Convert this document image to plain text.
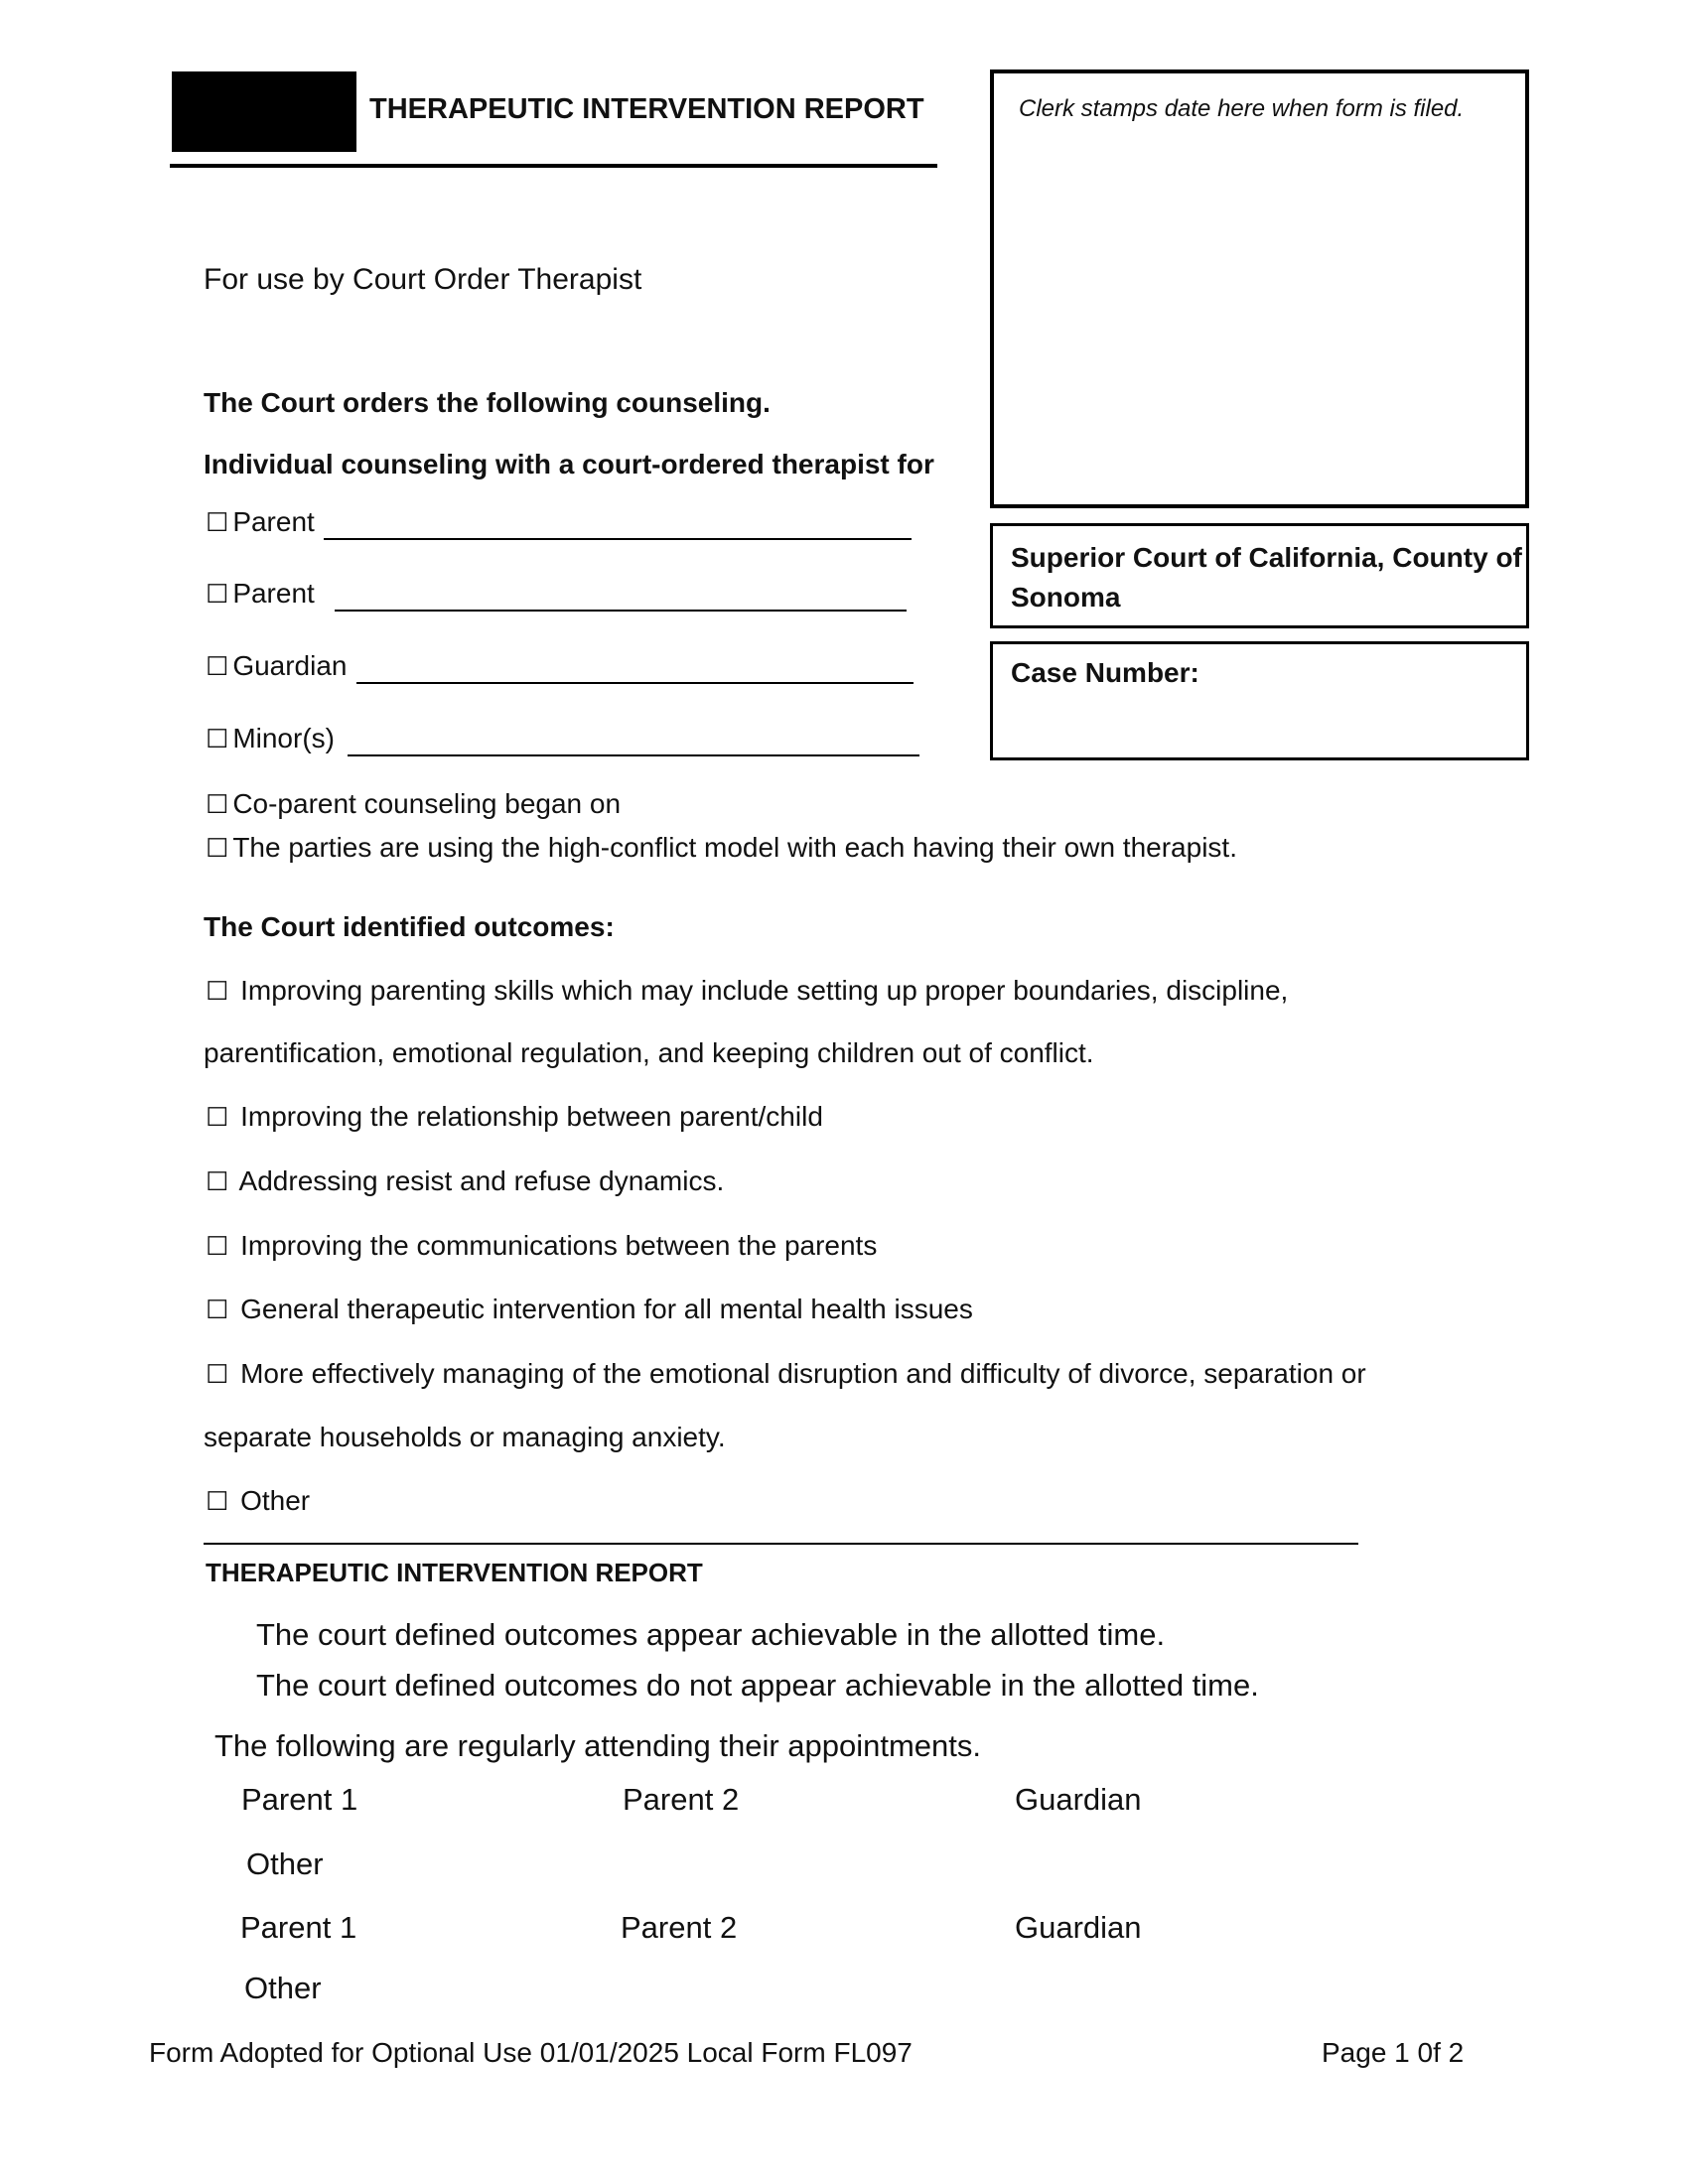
THERAPEUTIC INTERVENTION REPORT
For use by Court Order Therapist
Clerk stamps date here when form is filed.
Superior Court of California, County of Sonoma
Case Number:
The Court orders the following counseling.
Individual counseling with a court-ordered therapist for
☐ Parent
☐ Parent
☐ Guardian
☐ Minor(s)
☐ Co-parent counseling began on
☐ The parties are using the high-conflict model with each having their own therapist.
The Court identified outcomes:
☐ Improving parenting skills which may include setting up proper boundaries, discipline,
parentification, emotional regulation, and keeping children out of conflict.
☐ Improving the relationship between parent/child
☐ Addressing resist and refuse dynamics.
☐ Improving the communications between the parents
☐ General therapeutic intervention for all mental health issues
☐ More effectively managing of the emotional disruption and difficulty of divorce, separation or
separate households or managing anxiety.
☐ Other
THERAPEUTIC INTERVENTION REPORT
The court defined outcomes appear achievable in the allotted time.
The court defined outcomes do not appear achievable in the allotted time.
The following are regularly attending their appointments.
Parent 1	Parent 2	Guardian
Other
Parent 1	Parent 2	Guardian
Other
Form Adopted for Optional Use 01/01/2025 Local Form FL097	Page 1 0f 2
